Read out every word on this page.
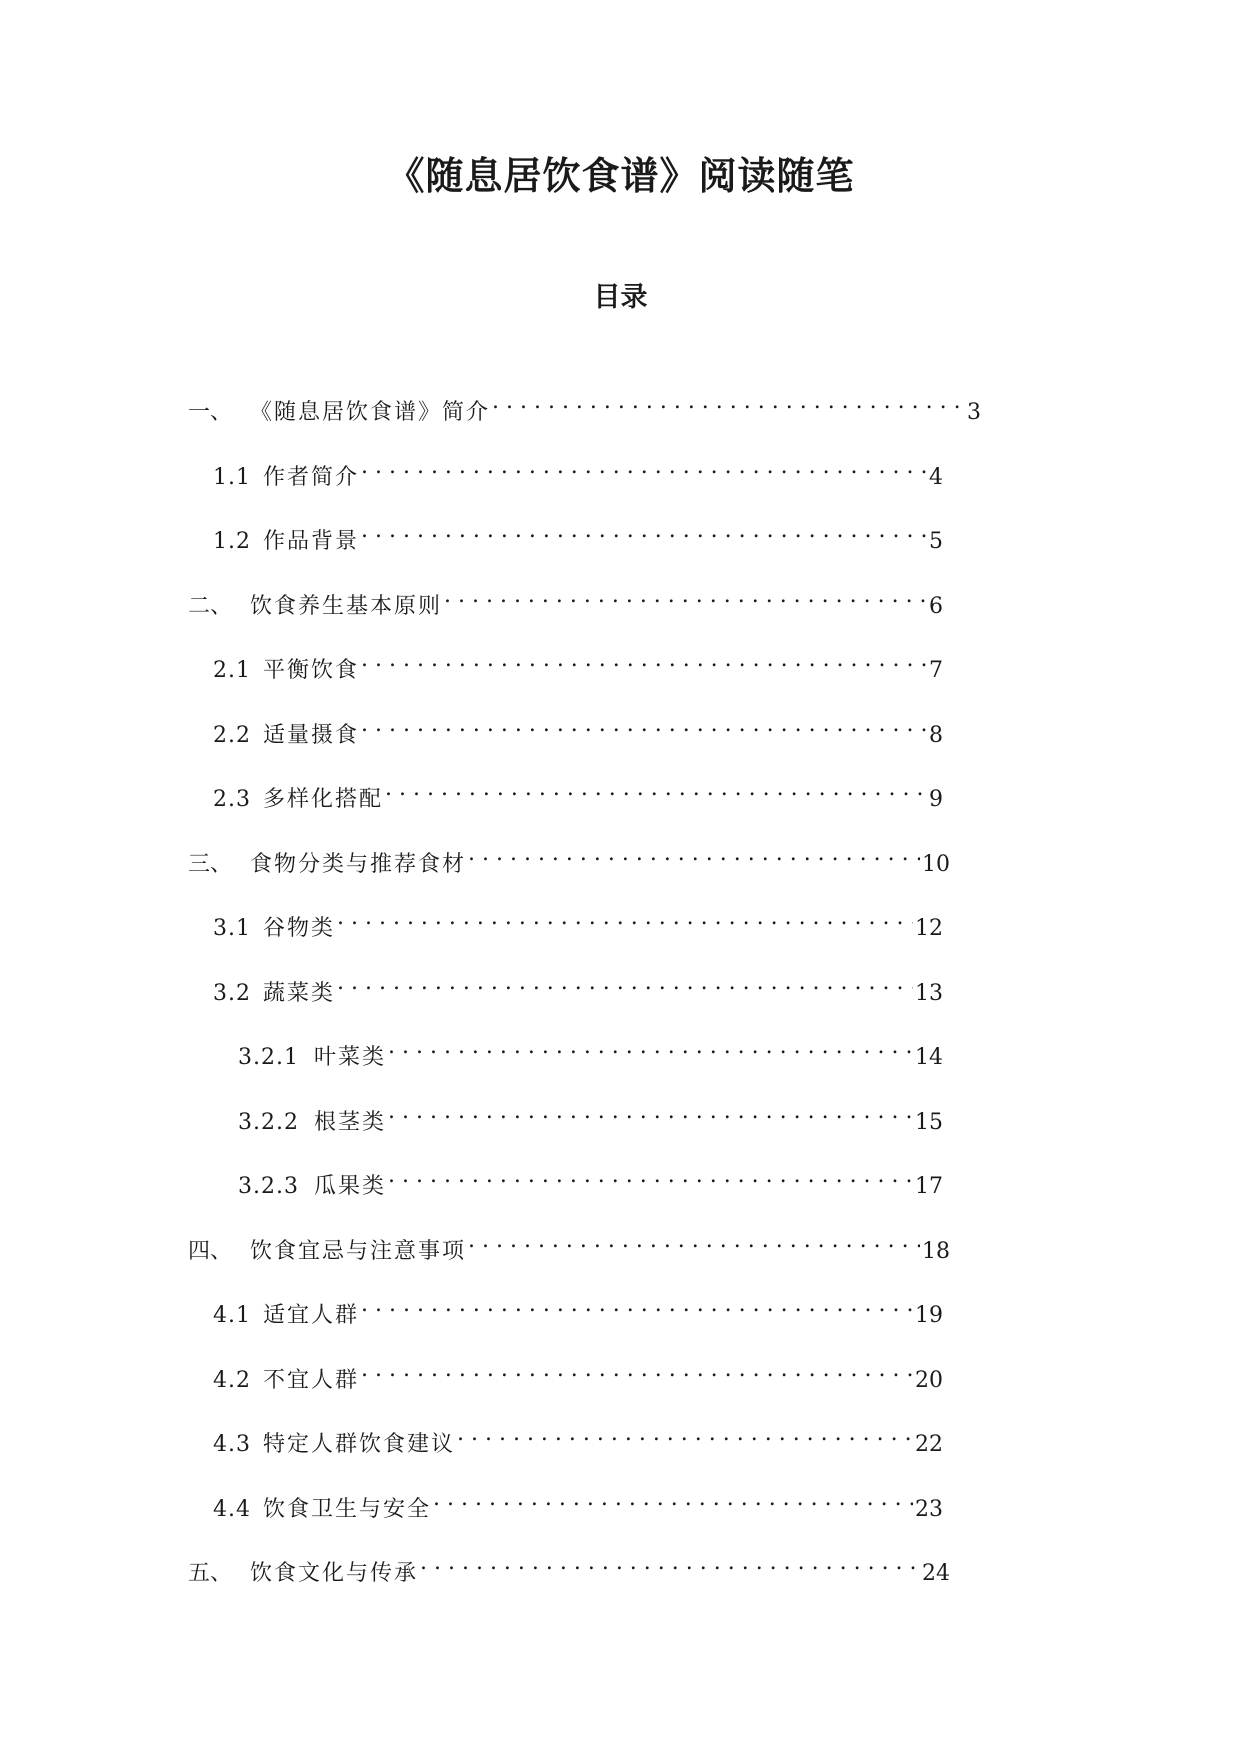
《随息居饮食谱》阅读随笔
目录
一、 《随息居饮食谱》简介 . . .	3
1.1 作者简介 . . .	4
1.2 作品背景 . . .	5
二、 饮食养生基本原则 . . .	6
2.1 平衡饮食 . . .	7
2.2 适量摄食 . . .	8
2.3 多样化搭配 . . .	9
三、 食物分类与推荐食材 . . .	10
3.1 谷物类 . . .	12
3.2 蔬菜类 . . .	13
3.2.1 叶菜类 . . .	14
3.2.2 根茎类 . . .	15
3.2.3 瓜果类 . . .	17
四、 饮食宜忌与注意事项 . . .	18
4.1 适宜人群 . . .	19
4.2 不宜人群 . . .	20
4.3 特定人群饮食建议 . . .	22
4.4 饮食卫生与安全 . . .	23
五、 饮食文化与传承 . . .	24
